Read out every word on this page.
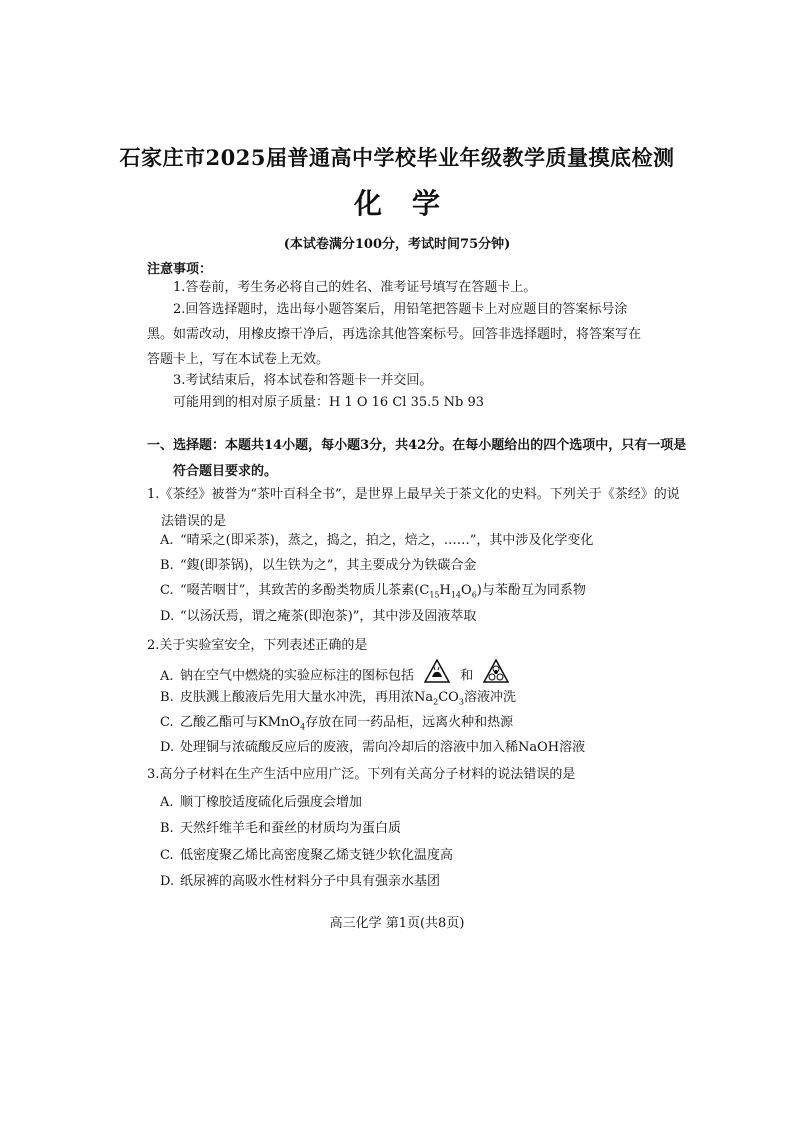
石家庄市2025届普通高中学校毕业年级教学质量摸底检测
化学
(本试卷满分100分，考试时间75分钟)
注意事项：
1.答卷前，考生务必将自己的姓名、准考证号填写在答题卡上。
2.回答选择题时，选出每小题答案后，用铅笔把答题卡上对应题目的答案标号涂黑。如需改动，用橡皮擦干净后，再选涂其他答案标号。回答非选择题时，将答案写在答题卡上，写在本试卷上无效。
3.考试结束后，将本试卷和答题卡一并交回。
可能用到的相对原子质量：H 1 O 16 Cl 35.5 Nb 93
一、选择题：本题共14小题，每小题3分，共42分。在每小题给出的四个选项中，只有一项是符合题目要求的。
1.《茶经》被誉为“茶叶百科全书”，是世界上最早关于茶文化的史料。下列关于《茶经》的说法错误的是
A. “晴采之(即采茶)，蒸之，捣之，拍之，焙之，……”，其中涉及化学变化
B. “鍑(即茶锅)，以生铁为之”，其主要成分为铁碳合金
C. “啜苦咽甘”，其致苦的多酚类物质儿茶素$(C_{15}H_{14}O_6)$与苯酚互为同系物
D. “以汤沃焉，谓之痷茶(即泡茶)”，其中涉及固液萃取
2.关于实验室安全，下列表述正确的是
A. 钠在空气中燃烧的实验应标注的图标包括	和
B. 皮肤溅上酸液后先用大量水冲洗，再用浓$Na_2CO_3$溶液冲洗
C. 乙酸乙酯可与KMnO$_4$存放在同一药品柜，远离火种和热源
D. 处理铜与浓硫酸反应后的废液，需向冷却后的溶液中加入稀NaOH溶液
3.高分子材料在生产生活中应用广泛。下列有关高分子材料的说法错误的是
A. 顺丁橡胶适度硫化后强度会增加
B. 天然纤维羊毛和蚕丝的材质均为蛋白质
C. 低密度聚乙烯比高密度聚乙烯支链少软化温度高
D. 纸尿裤的高吸水性材料分子中具有强亲水基团
高三化学 第1页(共8页)
